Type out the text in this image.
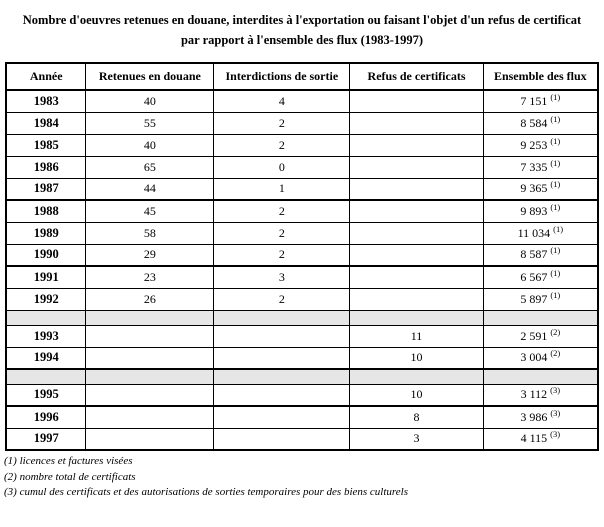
Nombre d'oeuvres retenues en douane, interdites à l'exportation ou faisant l'objet d'un refus de certificat par rapport à l'ensemble des flux (1983-1997)
Année	Retenues en douane	Interdictions de sortie	Refus de certificats	Ensemble des flux
1983	40	4		7 151 $^{(1)}$
1984	55	2		8 584 $^{(1)}$
1985	40	2		9 253 $^{(1)}$
1986	65	0		7 335 $^{(1)}$
1987	44	1		9 365 $^{(1)}$
1988	45	2		9 893 $^{(1)}$
1989	58	2		11 034 $^{(1)}$
1990	29	2		8 587 $^{(1)}$
1991	23	3		6 567 $^{(1)}$
1992	26	2		5 897 $^{(1)}$

1993			11	2 591 $^{(2)}$
1994			10	3 004 $^{(2)}$

1995			10	3 112 $^{(3)}$
1996			8	3 986 $^{(3)}$
1997			3	4 115 $^{(3)}$
(1) licences et factures visées
(2) nombre total de certificats
(3) cumul des certificats et des autorisations de sorties temporaires pour des biens culturels
